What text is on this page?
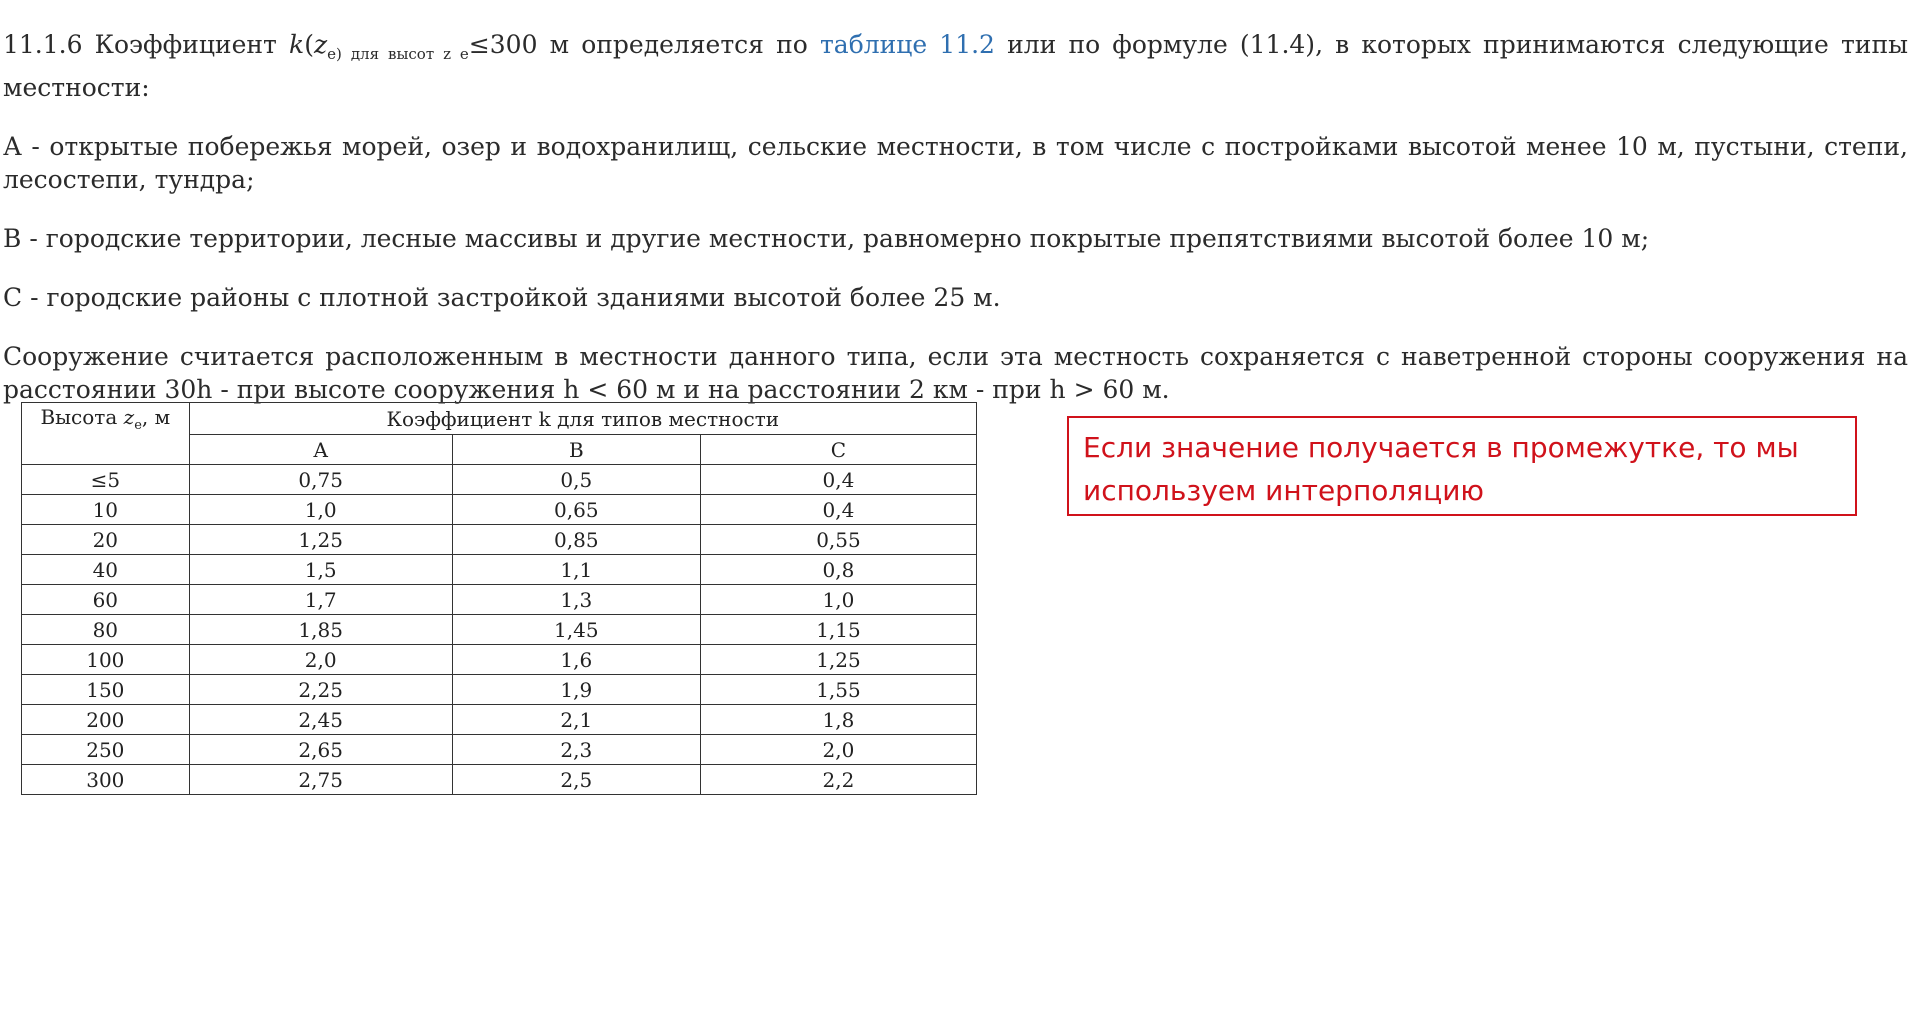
11.1.6 Коэффициент $k(z_{e) для высот z e}\le 300$ м определяется по таблице 11.2 или по формуле (11.4), в которых принимаются следующие типы местности:

А - открытые побережья морей, озер и водохранилищ, сельские местности, в том числе с постройками высотой менее 10 м, пустыни, степи, лесостепи, тундра;

В - городские территории, лесные массивы и другие местности, равномерно покрытые препятствиями высотой более 10 м;

С - городские районы с плотной застройкой зданиями высотой более 25 м.

Сооружение считается расположенным в местности данного типа, если эта местность сохраняется с наветренной стороны сооружения на расстоянии 30h - при высоте сооружения h < 60 м и на расстоянии 2 км - при h > 60 м.

Высота $z_e$, м	Коэффициент k для типов местности		
	А	В	С
≤5	0,75	0,5	0,4
10	1,0	0,65	0,4
20	1,25	0,85	0,55
40	1,5	1,1	0,8
60	1,7	1,3	1,0
80	1,85	1,45	1,15
100	2,0	1,6	1,25
150	2,25	1,9	1,55
200	2,45	2,1	1,8
250	2,65	2,3	2,0
300	2,75	2,5	2,2
Если значение получается в промежутке, то мы используем интерполяцию
